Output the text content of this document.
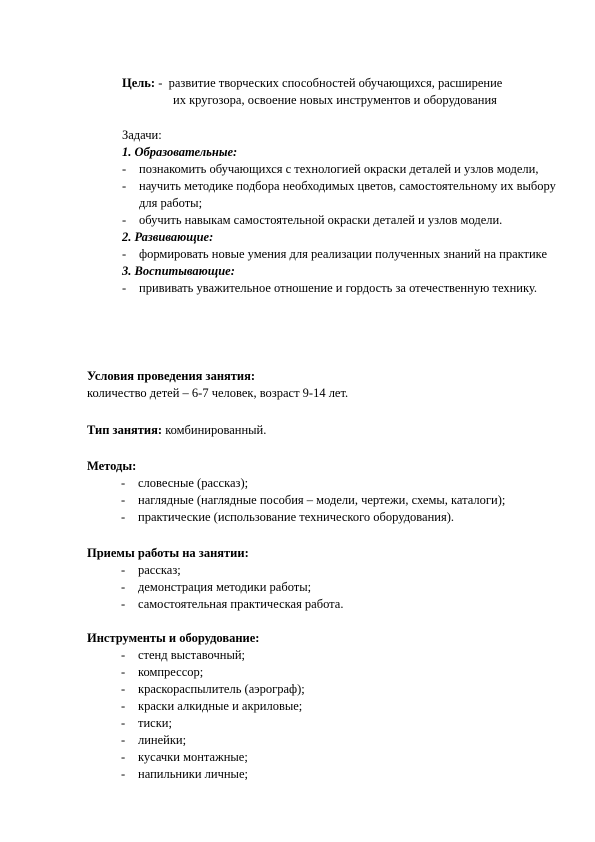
Цель: -  развитие творческих способностей обучающихся, расширение
их кругозора, освоение новых инструментов и оборудования
Задачи:
1. Образовательные:
- познакомить обучающихся с технологией окраски деталей и узлов модели,
- научить методике подбора необходимых цветов, самостоятельному их выбору для работы;
- обучить навыкам самостоятельной окраски деталей и узлов модели.
2. Развивающие:
- формировать новые умения для реализации полученных знаний на практике
3. Воспитывающие:
- прививать уважительное отношение и гордость за отечественную технику.
Условия проведения занятия:
количество детей – 6-7 человек, возраст 9-14 лет.
Тип занятия: комбинированный.
Методы:
- словесные (рассказ);
- наглядные (наглядные пособия – модели, чертежи, схемы, каталоги);
- практические (использование технического оборудования).
Приемы работы на занятии:
- рассказ;
- демонстрация методики работы;
- самостоятельная практическая работа.
Инструменты и оборудование:
- стенд выставочный;
- компрессор;
- краскораспылитель (аэрограф);
- краски алкидные и акриловые;
- тиски;
- линейки;
- кусачки монтажные;
- напильники личные;
